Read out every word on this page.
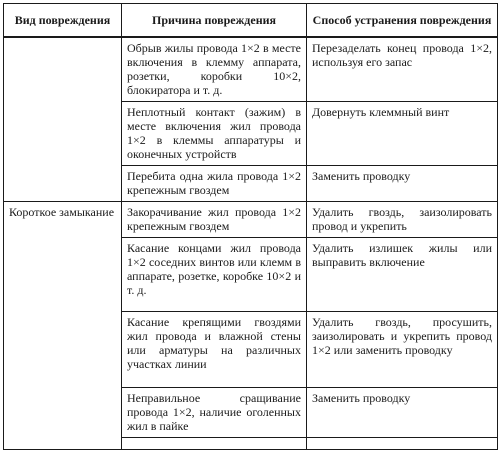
Вид повреждения	Причина повреждения	Способ устранения повреждения
	Обрыв жилы провода 1×2 в месте включения в клемму аппарата, розетки, коробки 10×2, блокиратора и т. д.	Перезаделать конец провода 1×2, используя его запас
	Неплотный контакт (зажим) в месте включения жил провода 1×2 в клеммы аппаратуры и оконечных устройств	Довернуть клеммный винт
	Перебита одна жила провода 1×2 крепежным гвоздем	Заменить проводку
Короткое замыкание	Закорачивание жил провода 1×2 крепежным гвоздем	Удалить гвоздь, заизолировать провод и укрепить
	Касание концами жил провода 1×2 соседних винтов или клемм в аппарате, розетке, коробке 10×2 и т. д.	Удалить излишек жилы или выправить включение
	Касание крепящими гвоздями жил провода и влажной стены или арматуры на различных участках линии	Удалить гвоздь, просушить, заизолировать и укрепить провод 1×2 или заменить проводку
	Неправильное сращивание провода 1×2, наличие оголенных жил в пайке	Заменить проводку
